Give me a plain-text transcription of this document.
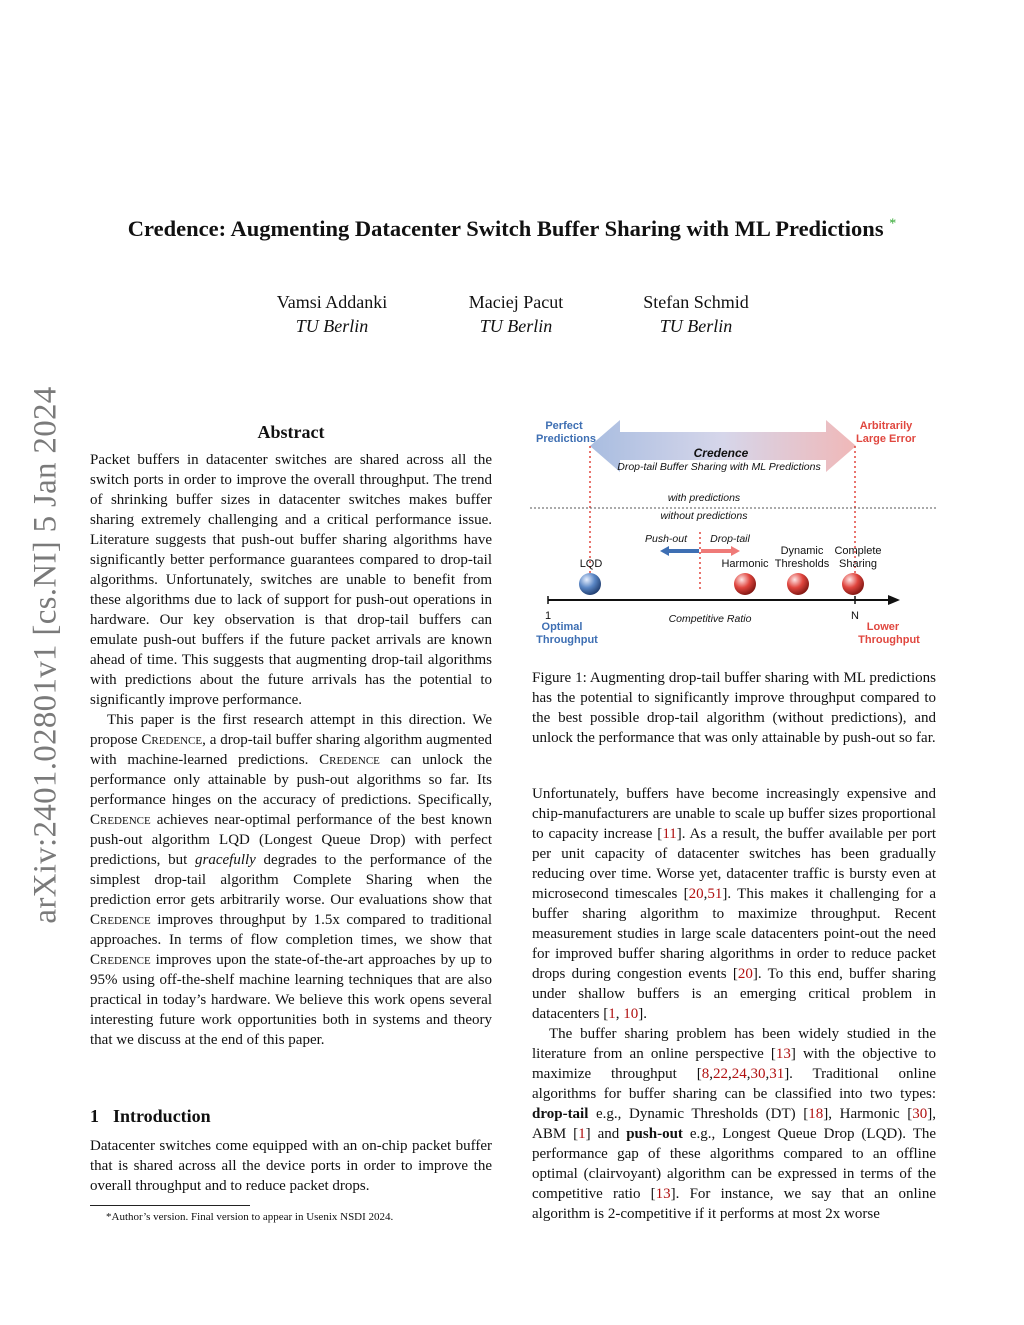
arXiv:2401.02801v1 [cs.NI] 5 Jan 2024
Credence: Augmenting Datacenter Switch Buffer Sharing with ML Predictions *
Vamsi Addanki
TU Berlin
Maciej Pacut
TU Berlin
Stefan Schmid
TU Berlin
Abstract

Packet buffers in datacenter switches are shared across all the switch ports in order to improve the overall throughput. The trend of shrinking buffer sizes in datacenter switches makes buffer sharing extremely challenging and a critical performance issue. Literature suggests that push-out buffer sharing algorithms have significantly better performance guarantees compared to drop-tail algorithms. Unfortunately, switches are unable to benefit from these algorithms due to lack of support for push-out operations in hardware. Our key observation is that drop-tail buffers can emulate push-out buffers if the future packet arrivals are known ahead of time. This suggests that augmenting drop-tail algorithms with predictions about the future arrivals has the potential to significantly improve performance.

This paper is the first research attempt in this direction. We propose Credence, a drop-tail buffer sharing algorithm augmented with machine-learned predictions. Credence can unlock the performance only attainable by push-out algorithms so far. Its performance hinges on the accuracy of predictions. Specifically, Credence achieves near-optimal performance of the best known push-out algorithm LQD (Longest Queue Drop) with perfect predictions, but gracefully degrades to the performance of the simplest drop-tail algorithm Complete Sharing when the prediction error gets arbitrarily worse. Our evaluations show that Credence improves throughput by 1.5x compared to traditional approaches. In terms of flow completion times, we show that Credence improves upon the state-of-the-art approaches by up to 95% using off-the-shelf machine learning techniques that are also practical in today’s hardware. We believe this work opens several interesting future work opportunities both in systems and theory that we discuss at the end of this paper.

1 Introduction

Datacenter switches come equipped with an on-chip packet buffer that is shared across all the device ports in order to improve the overall throughput and to reduce packet drops.

*Author’s version. Final version to appear in Usenix NSDI 2024.
Perfect
Predictions
Arbitrarily
Large Error
Credence
Drop-tail Buffer Sharing with ML Predictions
with predictions
without predictions
Push-out Drop-tail
LQD	Harmonic
Dynamic
Thresholds
Complete
Sharing
1	N
Competitive Ratio
Optimal
Throughput
Lower
Throughput
Figure 1: Augmenting drop-tail buffer sharing with ML predictions has the potential to significantly improve throughput compared to the best possible drop-tail algorithm (without predictions), and unlock the performance that was only attainable by push-out so far.

Unfortunately, buffers have become increasingly expensive and chip-manufacturers are unable to scale up buffer sizes proportional to capacity increase [11]. As a result, the buffer available per port per unit capacity of datacenter switches has been gradually reducing over time. Worse yet, datacenter traffic is bursty even at microsecond timescales [20,51]. This makes it challenging for a buffer sharing algorithm to maximize throughput. Recent measurement studies in large scale datacenters point-out the need for improved buffer sharing algorithms in order to reduce packet drops during congestion events [20]. To this end, buffer sharing under shallow buffers is an emerging critical problem in datacenters [1, 10].

The buffer sharing problem has been widely studied in the literature from an online perspective [13] with the objective to maximize throughput [8,22,24,30,31]. Traditional online algorithms for buffer sharing can be classified into two types: drop-tail e.g., Dynamic Thresholds (DT) [18], Harmonic [30], ABM [1] and push-out e.g., Longest Queue Drop (LQD). The performance gap of these algorithms compared to an offline optimal (clairvoyant) algorithm can be expressed in terms of the competitive ratio [13]. For instance, we say that an online algorithm is 2-competitive if it performs at most 2x worse
